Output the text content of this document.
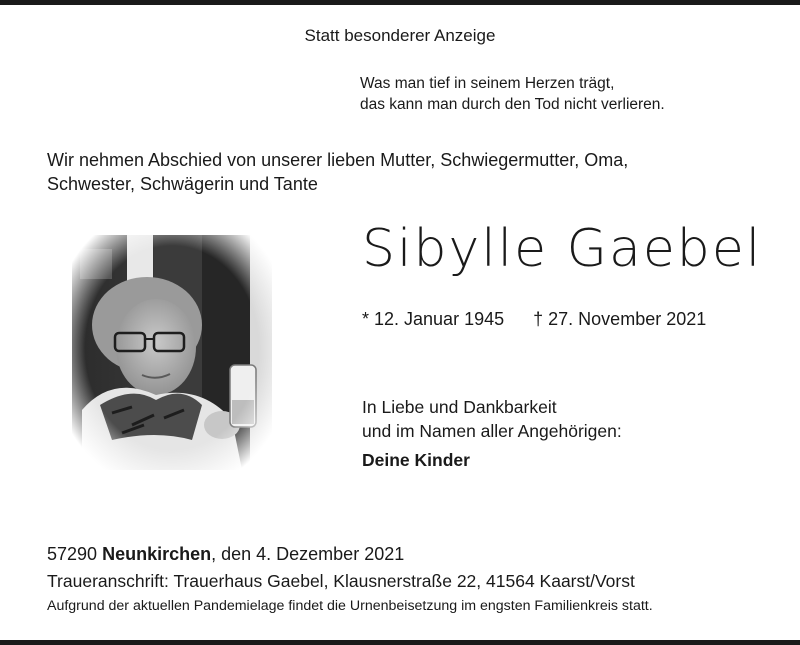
Statt besonderer Anzeige
Was man tief in seinem Herzen trägt,
das kann man durch den Tod nicht verlieren.
Wir nehmen Abschied von unserer lieben Mutter, Schwiegermutter, Oma,
Schwester, Schwägerin und Tante
Sibylle Gaebel
* 12. Januar 1945 † 27. November 2021
In Liebe und Dankbarkeit
und im Namen aller Angehörigen:
Deine Kinder
57290 Neunkirchen, den 4. Dezember 2021
Traueranschrift: Trauerhaus Gaebel, Klausnerstraße 22, 41564 Kaarst/Vorst
Aufgrund der aktuellen Pandemielage findet die Urnenbeisetzung im engsten Familienkreis statt.
